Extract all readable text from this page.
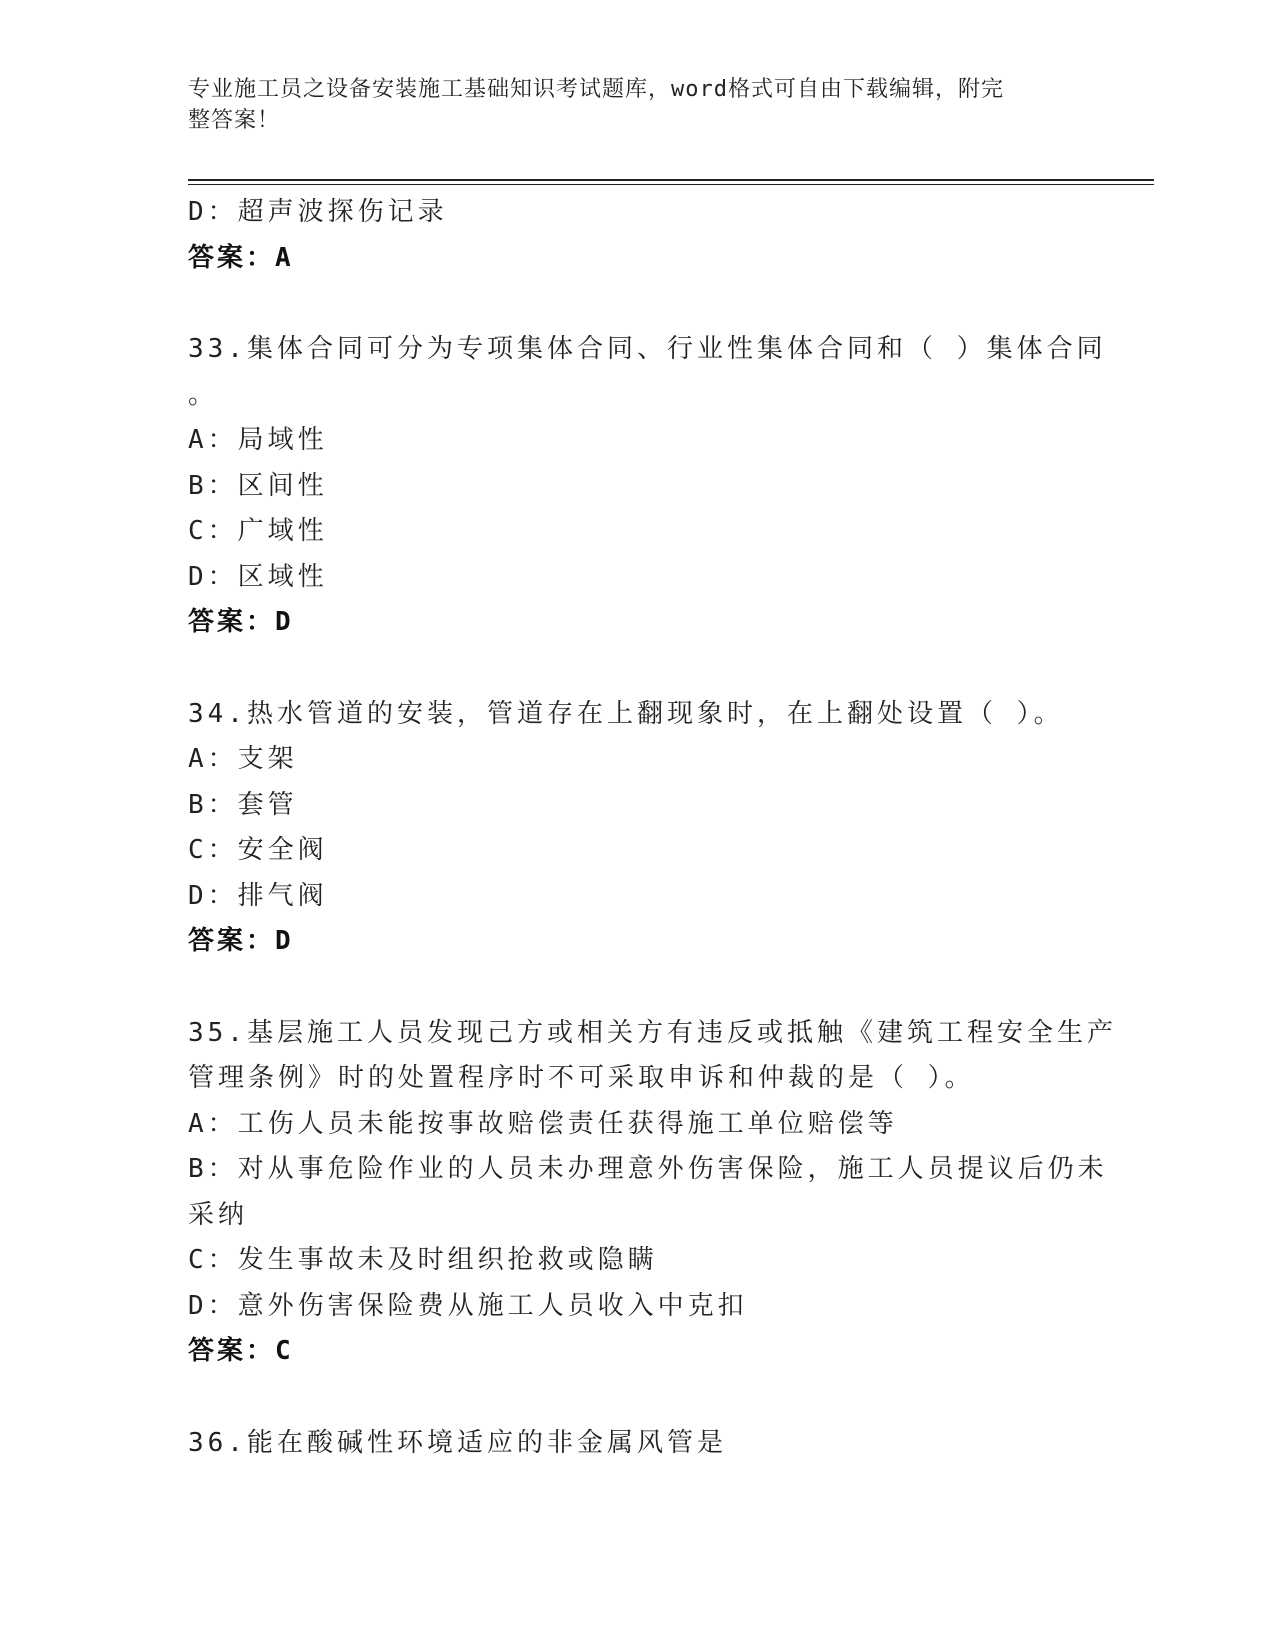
专业施工员之设备安装施工基础知识考试题库，word格式可自由下载编辑，附完
整答案！
D：超声波探伤记录
答案：A
33.集体合同可分为专项集体合同、行业性集体合同和（ ）集体合同
。
A：局域性
B：区间性
C：广域性
D：区域性
答案：D
34.热水管道的安装，管道存在上翻现象时，在上翻处设置（ ）。
A：支架
B：套管
C：安全阀
D：排气阀
答案：D
35.基层施工人员发现己方或相关方有违反或抵触《建筑工程安全生产
管理条例》时的处置程序时不可采取申诉和仲裁的是（ ）。
A：工伤人员未能按事故赔偿责任获得施工单位赔偿等
B：对从事危险作业的人员未办理意外伤害保险，施工人员提议后仍未
采纳
C：发生事故未及时组织抢救或隐瞒
D：意外伤害保险费从施工人员收入中克扣
答案：C
36.能在酸碱性环境适应的非金属风管是
